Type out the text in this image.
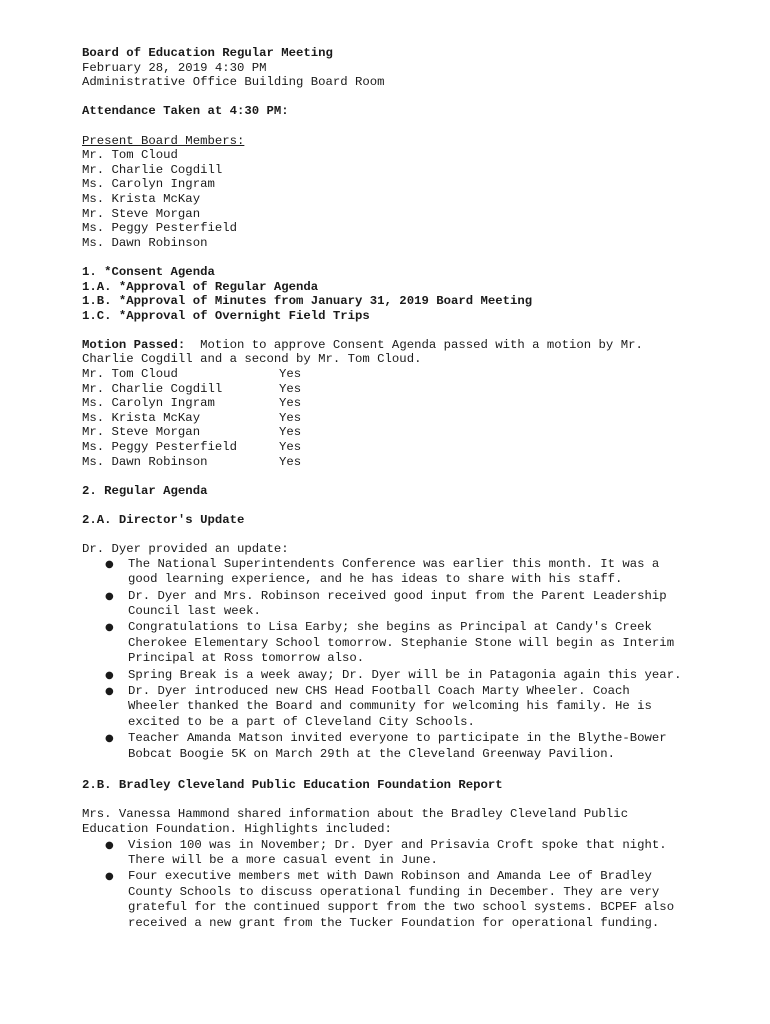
Board of Education Regular Meeting
February 28, 2019 4:30 PM
Administrative Office Building Board Room
Attendance Taken at 4:30 PM:
Present Board Members:
Mr. Tom Cloud
Mr. Charlie Cogdill
Ms. Carolyn Ingram
Ms. Krista McKay
Mr. Steve Morgan
Ms. Peggy Pesterfield
Ms. Dawn Robinson
1. *Consent Agenda
1.A. *Approval of Regular Agenda
1.B. *Approval of Minutes from January 31, 2019 Board Meeting
1.C. *Approval of Overnight Field Trips
Motion Passed:  Motion to approve Consent Agenda passed with a motion by Mr.
Charlie Cogdill and a second by Mr. Tom Cloud.
Mr. Tom Cloud	Yes
Mr. Charlie Cogdill	Yes
Ms. Carolyn Ingram	Yes
Ms. Krista McKay	Yes
Mr. Steve Morgan	Yes
Ms. Peggy Pesterfield	Yes
Ms. Dawn Robinson	Yes
2. Regular Agenda
2.A. Director's Update
Dr. Dyer provided an update:
● The National Superintendents Conference was earlier this month. It was a good learning experience, and he has ideas to share with his staff.
● Dr. Dyer and Mrs. Robinson received good input from the Parent Leadership Council last week.
● Congratulations to Lisa Earby; she begins as Principal at Candy's Creek Cherokee Elementary School tomorrow. Stephanie Stone will begin as Interim Principal at Ross tomorrow also.
● Spring Break is a week away; Dr. Dyer will be in Patagonia again this year.
● Dr. Dyer introduced new CHS Head Football Coach Marty Wheeler. Coach Wheeler thanked the Board and community for welcoming his family. He is excited to be a part of Cleveland City Schools.
● Teacher Amanda Matson invited everyone to participate in the Blythe-Bower Bobcat Boogie 5K on March 29th at the Cleveland Greenway Pavilion.
2.B. Bradley Cleveland Public Education Foundation Report
Mrs. Vanessa Hammond shared information about the Bradley Cleveland Public Education Foundation. Highlights included:
● Vision 100 was in November; Dr. Dyer and Prisavia Croft spoke that night. There will be a more casual event in June.
● Four executive members met with Dawn Robinson and Amanda Lee of Bradley County Schools to discuss operational funding in December. They are very grateful for the continued support from the two school systems. BCPEF also received a new grant from the Tucker Foundation for operational funding.
